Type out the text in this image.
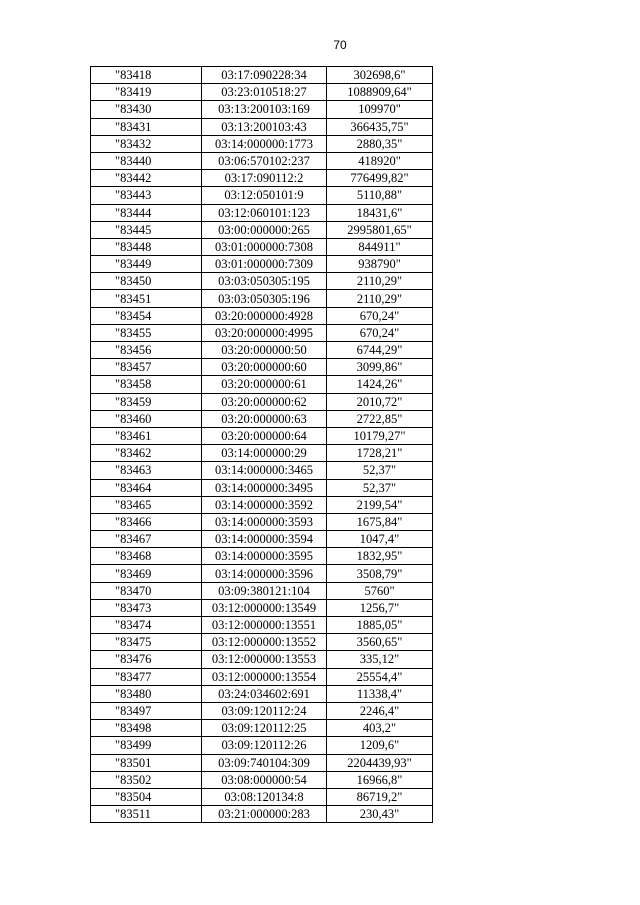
70
"83418	03:17:090228:34	302698,6"
"83419	03:23:010518:27	1088909,64"
"83430	03:13:200103:169	109970"
"83431	03:13:200103:43	366435,75"
"83432	03:14:000000:1773	2880,35"
"83440	03:06:570102:237	418920"
"83442	03:17:090112:2	776499,82"
"83443	03:12:050101:9	5110,88"
"83444	03:12:060101:123	18431,6"
"83445	03:00:000000:265	2995801,65"
"83448	03:01:000000:7308	844911"
"83449	03:01:000000:7309	938790"
"83450	03:03:050305:195	2110,29"
"83451	03:03:050305:196	2110,29"
"83454	03:20:000000:4928	670,24"
"83455	03:20:000000:4995	670,24"
"83456	03:20:000000:50	6744,29"
"83457	03:20:000000:60	3099,86"
"83458	03:20:000000:61	1424,26"
"83459	03:20:000000:62	2010,72"
"83460	03:20:000000:63	2722,85"
"83461	03:20:000000:64	10179,27"
"83462	03:14:000000:29	1728,21"
"83463	03:14:000000:3465	52,37"
"83464	03:14:000000:3495	52,37"
"83465	03:14:000000:3592	2199,54"
"83466	03:14:000000:3593	1675,84"
"83467	03:14:000000:3594	1047,4"
"83468	03:14:000000:3595	1832,95"
"83469	03:14:000000:3596	3508,79"
"83470	03:09:380121:104	5760"
"83473	03:12:000000:13549	1256,7"
"83474	03:12:000000:13551	1885,05"
"83475	03:12:000000:13552	3560,65"
"83476	03:12:000000:13553	335,12"
"83477	03:12:000000:13554	25554,4"
"83480	03:24:034602:691	11338,4"
"83497	03:09:120112:24	2246,4"
"83498	03:09:120112:25	403,2"
"83499	03:09:120112:26	1209,6"
"83501	03:09:740104:309	2204439,93"
"83502	03:08:000000:54	16966,8"
"83504	03:08:120134:8	86719,2"
"83511	03:21:000000:283	230,43"
